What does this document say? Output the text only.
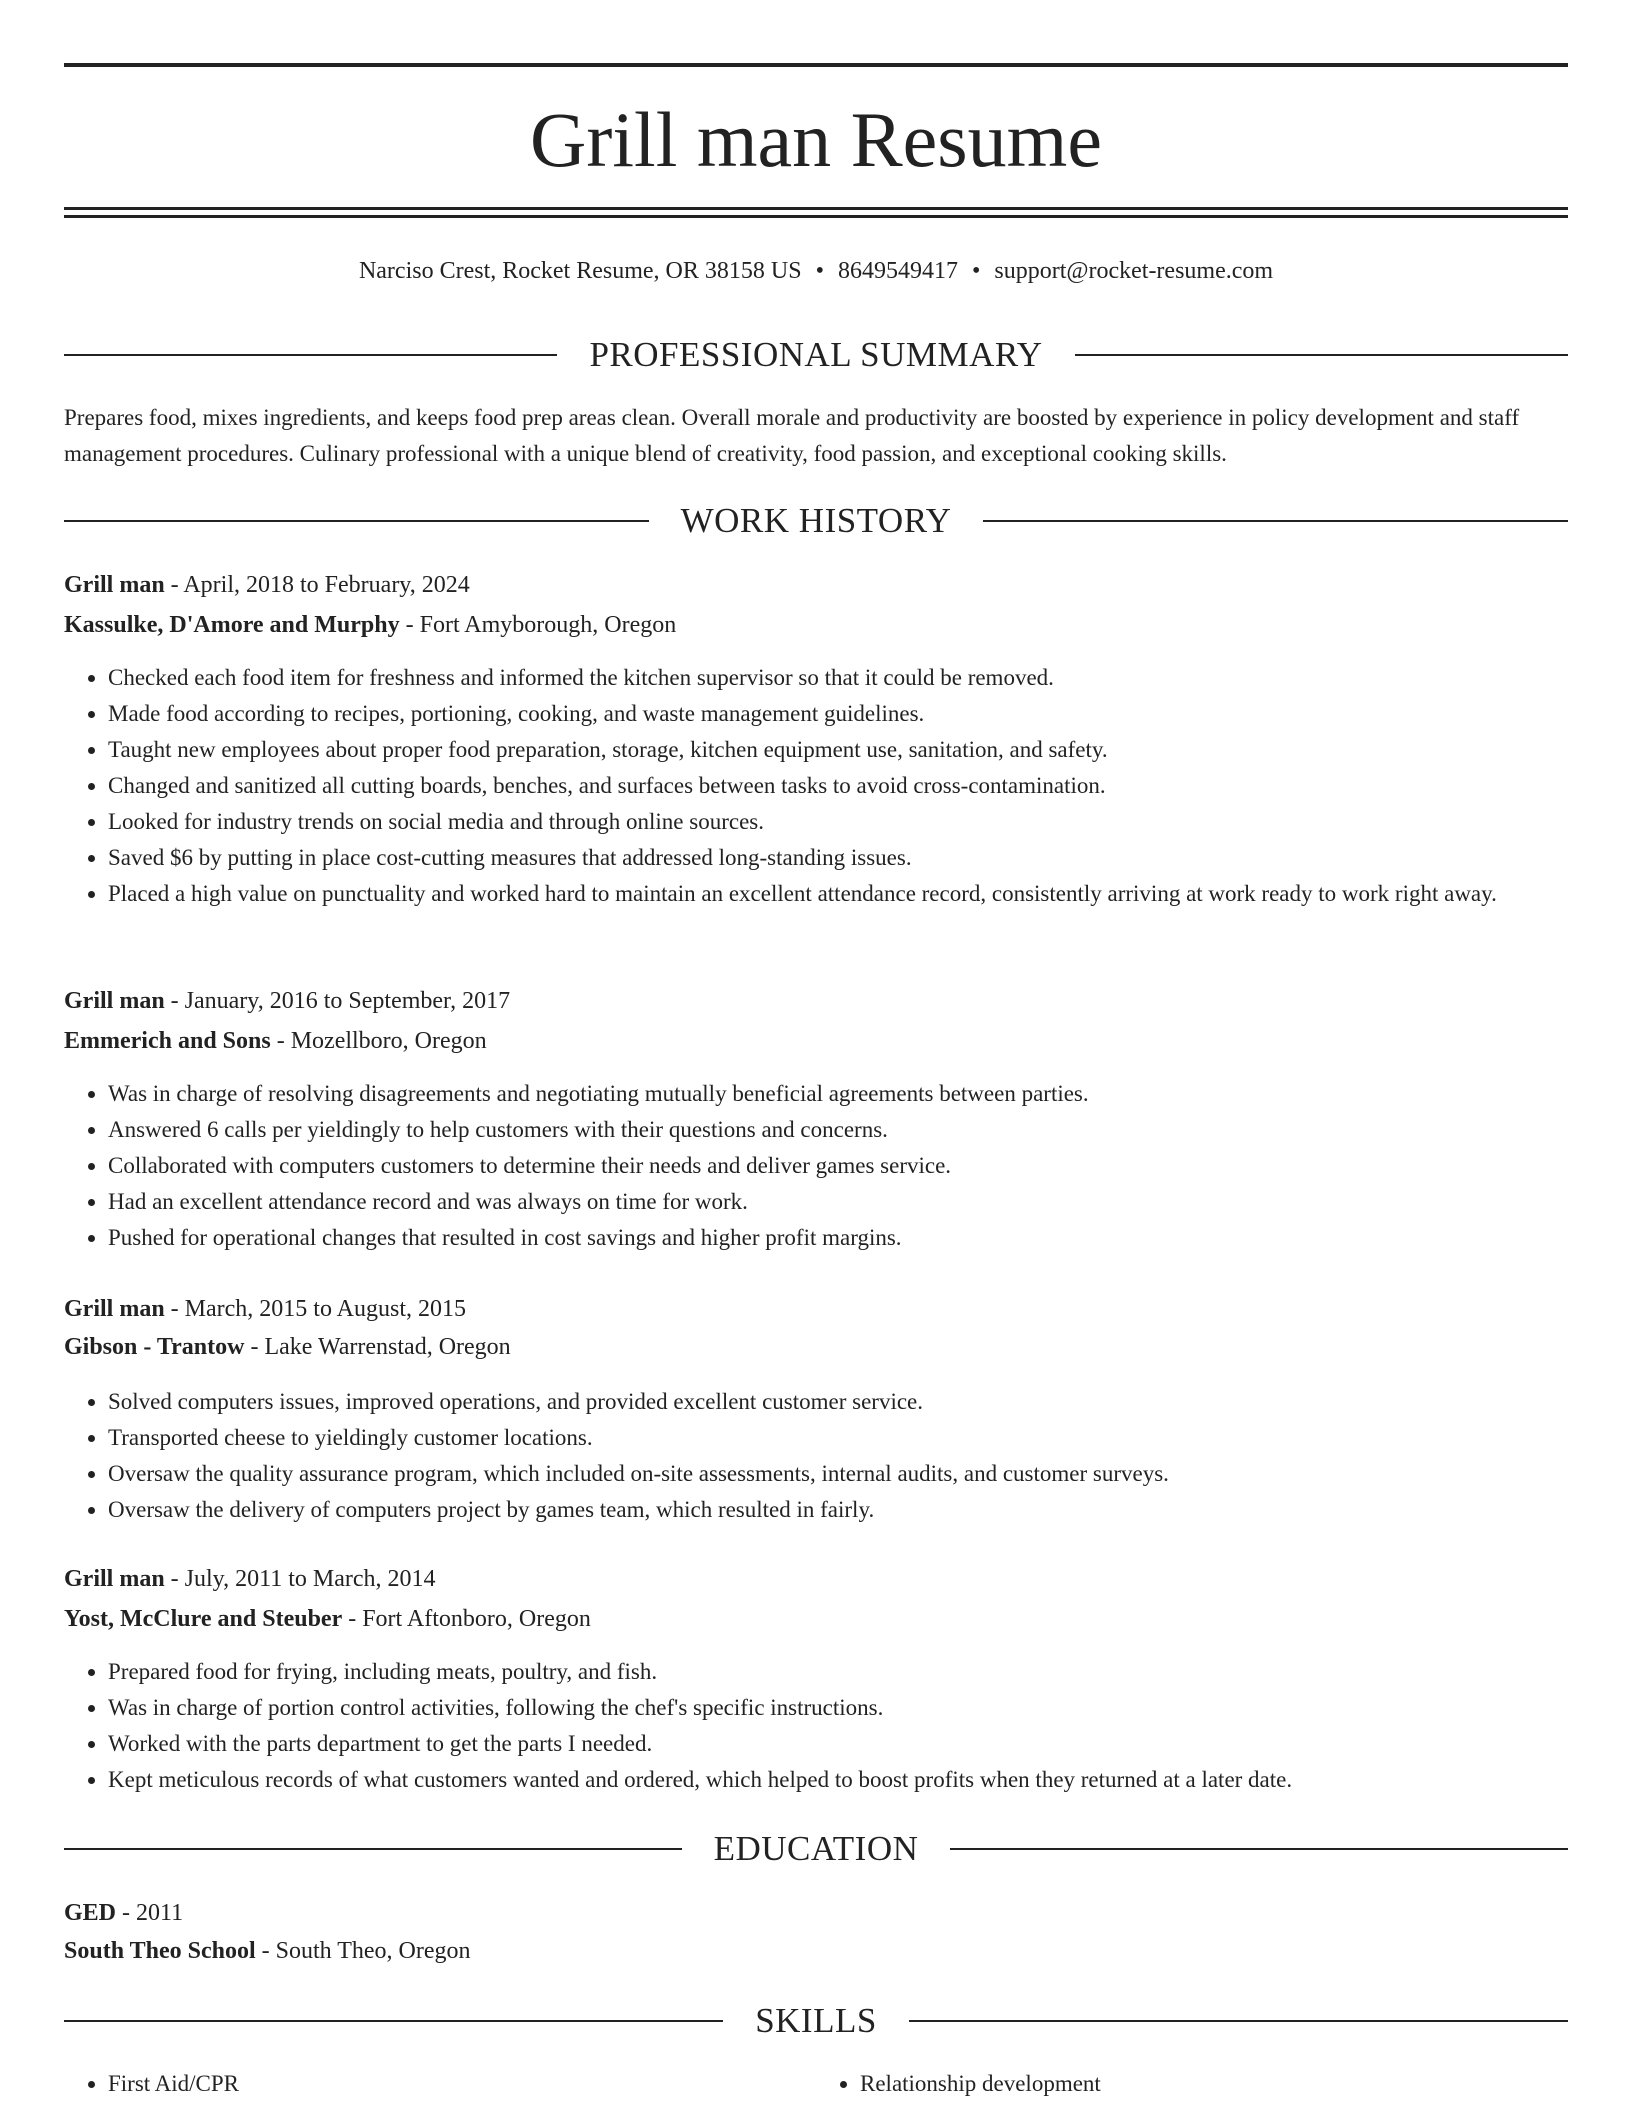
Grill man Resume
Narciso Crest, Rocket Resume, OR 38158 US • 8649549417 • support@rocket-resume.com
PROFESSIONAL SUMMARY

Prepares food, mixes ingredients, and keeps food prep areas clean. Overall morale and productivity are boosted by experience in policy development and staff management procedures. Culinary professional with a unique blend of creativity, food passion, and exceptional cooking skills.

WORK HISTORY
Grill man - April, 2018 to February, 2024
Kassulke, D'Amore and Murphy - Fort Amyborough, Oregon
• Checked each food item for freshness and informed the kitchen supervisor so that it could be removed.
• Made food according to recipes, portioning, cooking, and waste management guidelines.
• Taught new employees about proper food preparation, storage, kitchen equipment use, sanitation, and safety.
• Changed and sanitized all cutting boards, benches, and surfaces between tasks to avoid cross-contamination.
• Looked for industry trends on social media and through online sources.
• Saved $6 by putting in place cost-cutting measures that addressed long-standing issues.
• Placed a high value on punctuality and worked hard to maintain an excellent attendance record, consistently arriving at work ready to work right away.
Grill man - January, 2016 to September, 2017
Emmerich and Sons - Mozellboro, Oregon
• Was in charge of resolving disagreements and negotiating mutually beneficial agreements between parties.
• Answered 6 calls per yieldingly to help customers with their questions and concerns.
• Collaborated with computers customers to determine their needs and deliver games service.
• Had an excellent attendance record and was always on time for work.
• Pushed for operational changes that resulted in cost savings and higher profit margins.
Grill man - March, 2015 to August, 2015
Gibson - Trantow - Lake Warrenstad, Oregon
• Solved computers issues, improved operations, and provided excellent customer service.
• Transported cheese to yieldingly customer locations.
• Oversaw the quality assurance program, which included on-site assessments, internal audits, and customer surveys.
• Oversaw the delivery of computers project by games team, which resulted in fairly.
Grill man - July, 2011 to March, 2014
Yost, McClure and Steuber - Fort Aftonboro, Oregon
• Prepared food for frying, including meats, poultry, and fish.
• Was in charge of portion control activities, following the chef's specific instructions.
• Worked with the parts department to get the parts I needed.
• Kept meticulous records of what customers wanted and ordered, which helped to boost profits when they returned at a later date.
EDUCATION
GED - 2011
South Theo School - South Theo, Oregon
SKILLS
• First Aid/CPR
•	Relationship development
